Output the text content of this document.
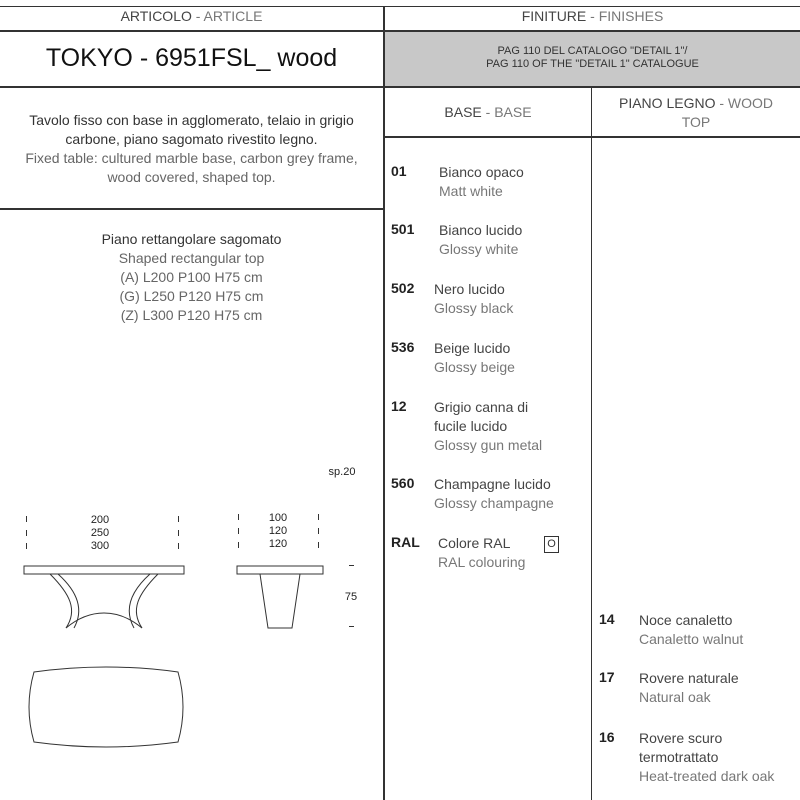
ARTICOLO - ARTICLE	FINITURE - FINISHES
TOKYO - 6951FSL_ wood	PAG 110 DEL CATALOGO "DETAIL 1"/
PAG 110 OF THE "DETAIL 1" CATALOGUE
Tavolo fisso con base in agglomerato, telaio in grigio
carbone, piano sagomato rivestito legno.
Fixed table: cultured marble base, carbon grey frame,
wood covered, shaped top.
Piano rettangolare sagomato
Shaped rectangular top
(A) L200 P100 H75 cm
(G) L250 P120 H75 cm
(Z) L300 P120 H75 cm
sp.20
200
250
300
100
120
120
75
BASE - BASE
PIANO LEGNO - WOOD
TOP
01 Bianco opaco
Matt white
501 Bianco lucido
Glossy white
502 Nero lucido
Glossy black
536 Beige lucido
Glossy beige
12 Grigio canna di
fucile lucido
Glossy gun metal
560 Champagne lucido
Glossy champagne
RAL Colore RAL
RAL colouring
O
14 Noce canaletto
Canaletto walnut
17 Rovere naturale
Natural oak
16 Rovere scuro
termotrattato
Heat-treated dark oak
